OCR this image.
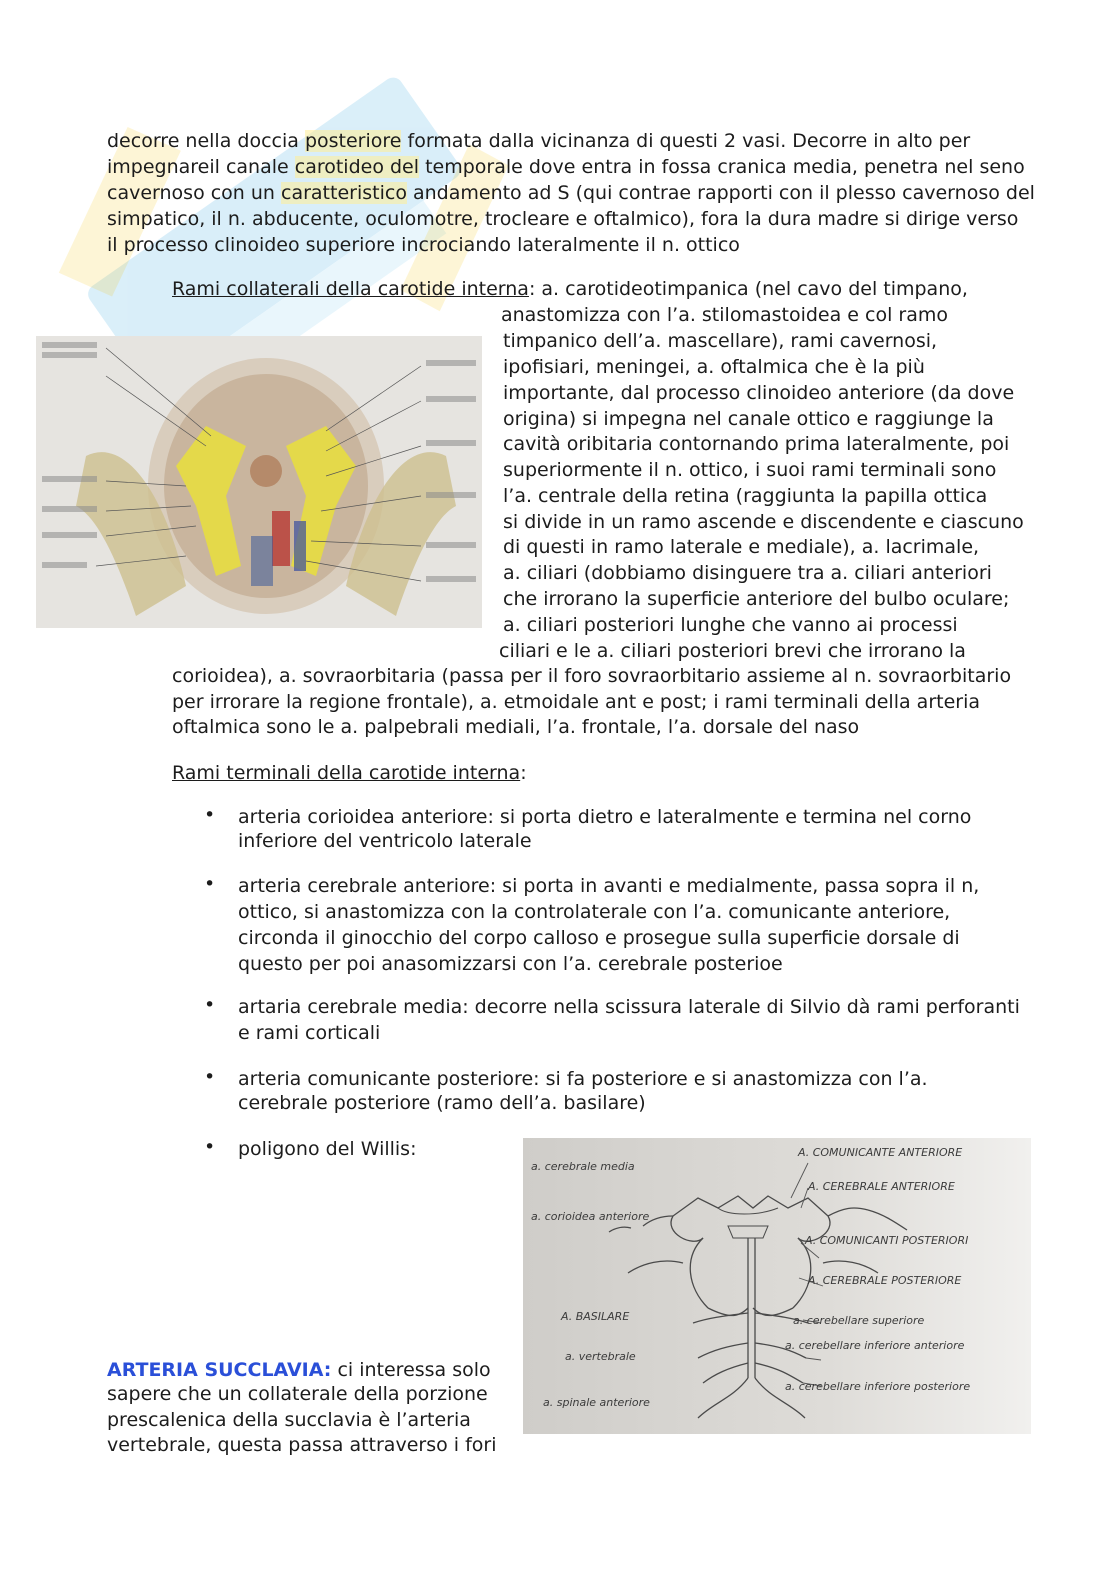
decorre nella doccia posteriore formata dalla vicinanza di questi 2 vasi. Decorre in alto per
impegnareil canale carotideo del temporale dove entra in fossa cranica media, penetra nel seno
cavernoso con un caratteristico andamento ad S (qui contrae rapporti con il plesso cavernoso del
simpatico, il n. abducente, oculomotre, trocleare e oftalmico), fora la dura madre si dirige verso
il processo clinoideo superiore incrociando lateralmente il n. ottico
Rami collaterali della carotide interna: a. carotideotimpanica (nel cavo del timpano,
anastomizza con l’a. stilomastoidea e col ramo
timpanico dell’a. mascellare), rami cavernosi,
ipofisiari, meningei, a. oftalmica che è la più
importante, dal processo clinoideo anteriore (da dove
origina) si impegna nel canale ottico e raggiunge la
cavità oribitaria contornando prima lateralmente, poi
superiormente il n. ottico, i suoi rami terminali sono
l’a. centrale della retina (raggiunta la papilla ottica
si divide in un ramo ascende e discendente e ciascuno
di questi in ramo laterale e mediale), a. lacrimale,
a. ciliari (dobbiamo disinguere tra a. ciliari anteriori
che irrorano la superficie anteriore del bulbo oculare;
a. ciliari posteriori lunghe che vanno ai processi
ciliari e le a. ciliari posteriori brevi che irrorano la
corioidea), a. sovraorbitaria (passa per il foro sovraorbitario assieme al n. sovraorbitario
per irrorare la regione frontale), a. etmoidale ant e post; i rami terminali della arteria
oftalmica sono le a. palpebrali mediali, l’a. frontale, l’a. dorsale del naso
Rami terminali della carotide interna:
• arteria corioidea anteriore: si porta dietro e lateralmente e termina nel corno
inferiore del ventricolo laterale
• arteria cerebrale anteriore: si porta in avanti e medialmente, passa sopra il n,
ottico, si anastomizza con la controlaterale con l’a. comunicante anteriore,
circonda il ginocchio del corpo calloso e prosegue sulla superficie dorsale di
questo per poi anasomizzarsi con l’a. cerebrale posterioe
• artaria cerebrale media: decorre nella scissura laterale di Silvio dà rami perforanti
e rami corticali
• arteria comunicante posteriore: si fa posteriore e si anastomizza con l’a.
cerebrale posteriore (ramo dell’a. basilare)
• poligono del Willis:	A. COMUNICANTE ANTERIORE
A. CEREBRALE ANTERIORE
A. COMUNICANTI POSTERIORI
A. CEREBRALE POSTERIORE
a. cerebellare superiore
a. cerebellare inferiore anteriore
a. cerebellare inferiore posteriore
a. cerebrale media
a. corioidea anteriore
A. BASILARE
a. vertebrale
a. spinale anteriore
ARTERIA SUCCLAVIA: ci interessa solo
sapere che un collaterale della porzione
prescalenica della succlavia è l’arteria
vertebrale, questa passa attraverso i fori
